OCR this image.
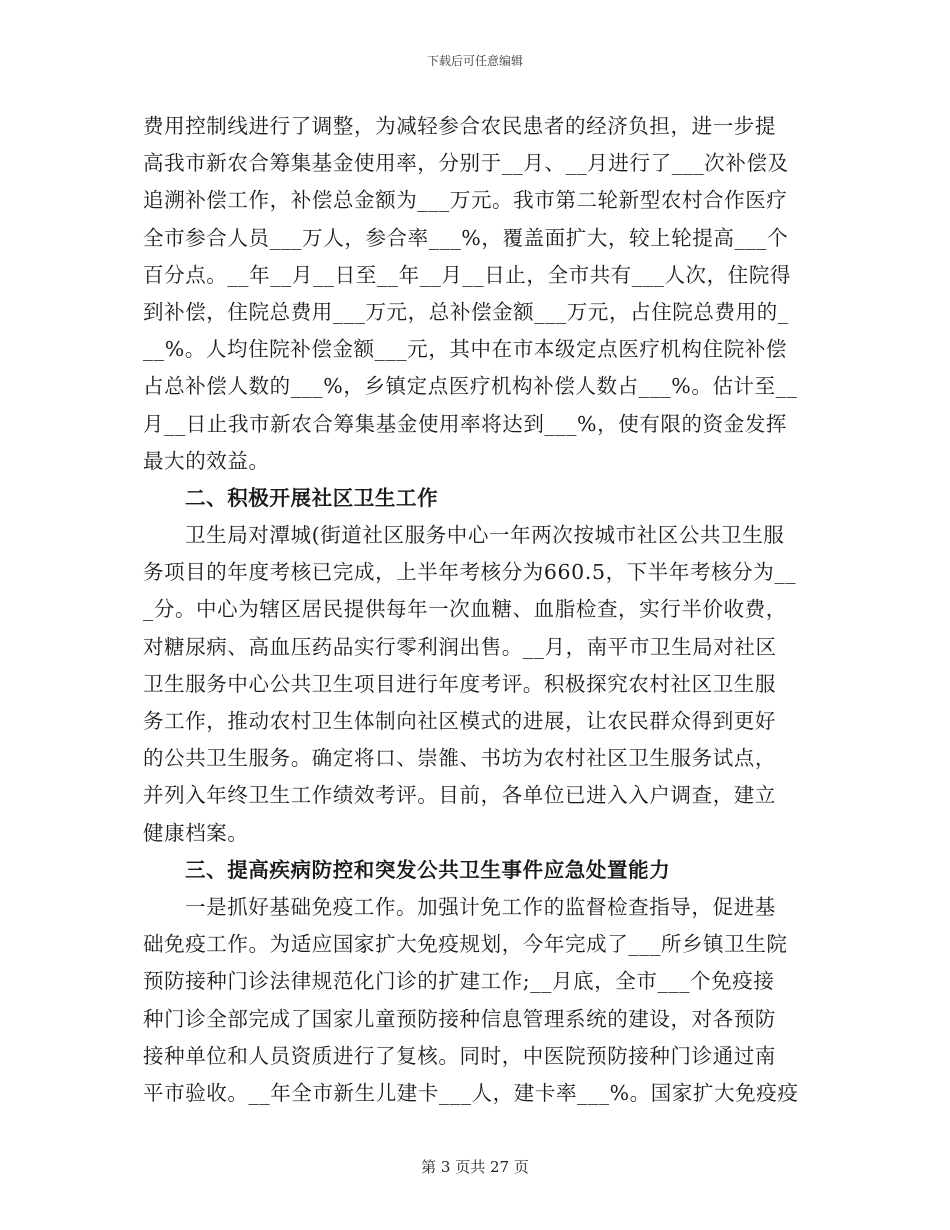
下载后可任意编辑
费用控制线进行了调整，为减轻参合农民患者的经济负担，进一步提
高我市新农合筹集基金使用率，分别于__月、__月进行了___次补偿及
追溯补偿工作，补偿总金额为___万元。我市第二轮新型农村合作医疗
全市参合人员___万人，参合率___%，覆盖面扩大，较上轮提高___个
百分点。__年__月__日至__年__月__日止，全市共有___人次，住院得
到补偿，住院总费用___万元，总补偿金额___万元，占住院总费用的_
__%。人均住院补偿金额___元，其中在市本级定点医疗机构住院补偿
占总补偿人数的___%，乡镇定点医疗机构补偿人数占___%。估计至__
月__日止我市新农合筹集基金使用率将达到___%，使有限的资金发挥
最大的效益。
二、积极开展社区卫生工作
卫生局对潭城(街道社区服务中心一年两次按城市社区公共卫生服
务项目的年度考核已完成，上半年考核分为660.5，下半年考核分为__
_分。中心为辖区居民提供每年一次血糖、血脂检查，实行半价收费，
对糖尿病、高血压药品实行零利润出售。__月，南平市卫生局对社区
卫生服务中心公共卫生项目进行年度考评。积极探究农村社区卫生服
务工作，推动农村卫生体制向社区模式的进展，让农民群众得到更好
的公共卫生服务。确定将口、崇雒、书坊为农村社区卫生服务试点，
并列入年终卫生工作绩效考评。目前，各单位已进入入户调查，建立
健康档案。
三、提高疾病防控和突发公共卫生事件应急处置能力
一是抓好基础免疫工作。加强计免工作的监督检查指导，促进基
础免疫工作。为适应国家扩大免疫规划，今年完成了___所乡镇卫生院
预防接种门诊法律规范化门诊的扩建工作;__月底，全市___个免疫接
种门诊全部完成了国家儿童预防接种信息管理系统的建设，对各预防
接种单位和人员资质进行了复核。同时，中医院预防接种门诊通过南
平市验收。__年全市新生儿建卡___人，建卡率___%。国家扩大免疫疫
第 3 页共 27 页
